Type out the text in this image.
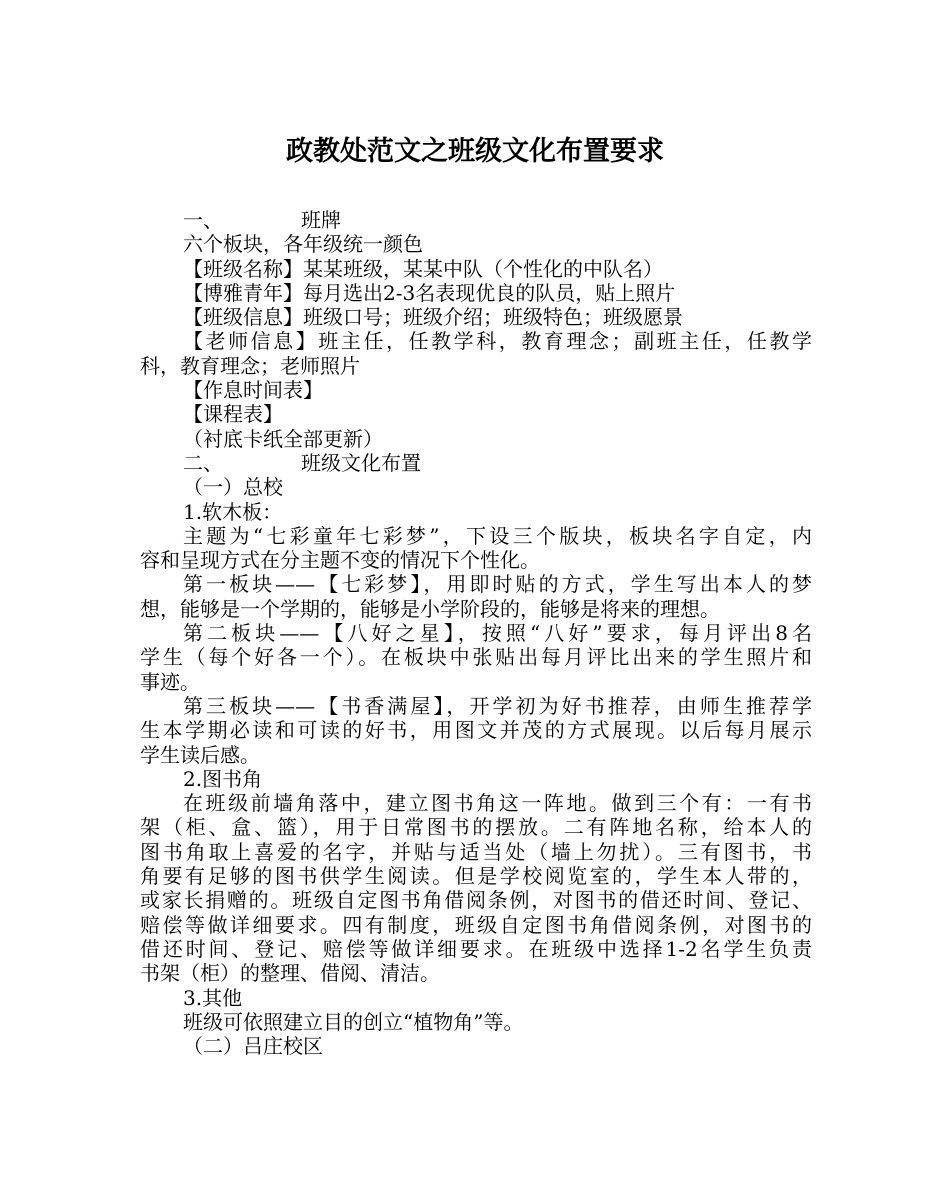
政教处范文之班级文化布置要求

一、	班牌

六个板块，各年级统一颜色

【班级名称】某某班级，某某中队（个性化的中队名）

【博雅青年】每月选出2-3名表现优良的队员，贴上照片

【班级信息】班级口号；班级介绍；班级特色；班级愿景

【老师信息】班主任，任教学科，教育理念；副班主任，任教学

科，教育理念；老师照片

【作息时间表】

【课程表】

（衬底卡纸全部更新）

二、	班级文化布置

（一）总校

1.软木板：

主题为“七彩童年七彩梦”，下设三个版块，板块名字自定，内

容和呈现方式在分主题不变的情况下个性化。

第一板块——【七彩梦】，用即时贴的方式，学生写出本人的梦

想，能够是一个学期的，能够是小学阶段的，能够是将来的理想。

第二板块——【八好之星】，按照“八好”要求，每月评出8名

学生（每个好各一个）。在板块中张贴出每月评比出来的学生照片和

事迹。

第三板块——【书香满屋】，开学初为好书推荐，由师生推荐学

生本学期必读和可读的好书，用图文并茂的方式展现。以后每月展示

学生读后感。

2.图书角

在班级前墙角落中，建立图书角这一阵地。做到三个有：一有书

架（柜、盒、篮），用于日常图书的摆放。二有阵地名称，给本人的

图书角取上喜爱的名字，并贴与适当处（墙上勿扰）。三有图书，书

角要有足够的图书供学生阅读。但是学校阅览室的，学生本人带的，

或家长捐赠的。班级自定图书角借阅条例，对图书的借还时间、登记、

赔偿等做详细要求。四有制度，班级自定图书角借阅条例，对图书的

借还时间、登记、赔偿等做详细要求。在班级中选择1-2名学生负责

书架（柜）的整理、借阅、清洁。

3.其他

班级可依照建立目的创立“植物角”等。

（二）吕庄校区
